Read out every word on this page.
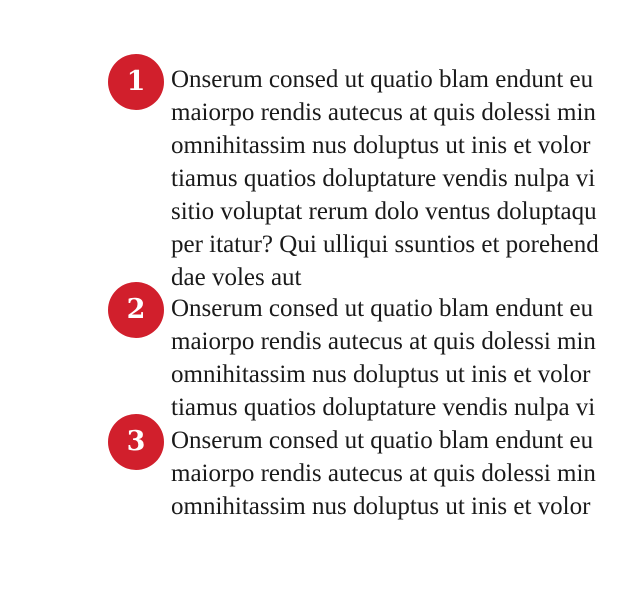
1	Onserum consed ut quatio blam endunt eu
maiorpo rendis autecus at quis dolessi min
omnihitassim nus doluptus ut inis et volor
tiamus quatios doluptature vendis nulpa vi
sitio voluptat rerum dolo ventus doluptaqu
per itatur? Qui ulliqui ssuntios et porehend
dae voles aut
2	Onserum consed ut quatio blam endunt eu
maiorpo rendis autecus at quis dolessi min
omnihitassim nus doluptus ut inis et volor
tiamus quatios doluptature vendis nulpa vi
3	Onserum consed ut quatio blam endunt eu
maiorpo rendis autecus at quis dolessi min
omnihitassim nus doluptus ut inis et volor
